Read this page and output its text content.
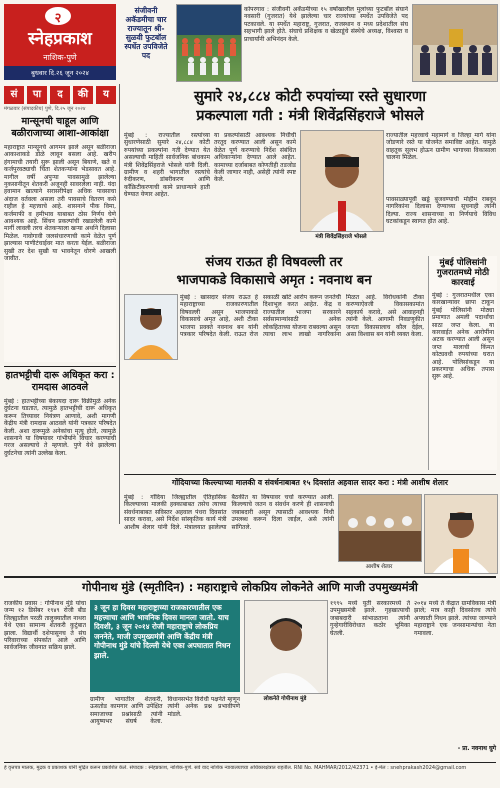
२
स्नेहप्रकाश
नाशिक-पुणे
बुधवार दि.२६ जून २०२४
संजीवनी अकॅडमीचा चार राज्यातून श्री-सुळवी फुटबॉल स्पर्धेत उपविजेते पद
कोपरगाव : संजीवनी अकॅडमीच्या १५ वर्षांखालील मुलांच्या फुटबॉल संघाने नवसारी (गुजरात) येथे झालेल्या चार राज्यांच्या स्पर्धेत उपविजेते पद पटकावले. या स्पर्धेत महाराष्ट्र, गुजरात, राजस्थान व मध्य प्रदेशातील संघ सहभागी झाले होते. संघाचे प्रशिक्षक व खेळाडूंचे संस्थेचे अध्यक्ष, विश्वस्त व प्राचार्यांनी अभिनंदन केले.
सं	पा	द	की	य
मंगळवार (संपादकीय) पुणे, दि.२५ जून २०२४
मान्सूनची चाहूल आणि बळीराजाच्या आशा-आकांक्षा
महाराष्ट्रात मान्सूनचे आगमन झाले असून बळीराजा आकाशाकडे डोळे लावून बसला आहे. खरीप हंगामाची तयारी सुरू झाली असून बियाणे, खते व कर्जपुरवठ्याची चिंता शेतकऱ्यांना भेडसावत आहे. मागील वर्षी अपुऱ्या पावसामुळे झालेल्या नुकसानीतून शेतकरी अजूनही सावरलेला नाही. यंदा हवामान खात्याने सरासरीपेक्षा अधिक पावसाचा अंदाज वर्तवला असला तरी पावसाचे वितरण कसे राहील हे महत्त्वाचे आहे. शासनाने पीक विमा, कर्जमाफी व हमीभाव याबाबत ठोस निर्णय घेणे आवश्यक आहे. सिंचन प्रकल्पांची रखडलेली कामे मार्गी लावली तरच शेतकऱ्याला खऱ्या अर्थाने दिलासा मिळेल. गावोगावी जलसंधारणाची कामे वेळेत पूर्ण झाल्यास पाणीटंचाईवर मात करता येईल. बळीराजा सुखी तर देश सुखी या भावनेतून धोरणे आखली जावीत.
हातभट्टीची दारू अधिकृत करा : रामदास आठवले
मुंबई : हातभट्टीच्या बेकायदा दारू विक्रीमुळे अनेक दुर्घटना घडतात, त्यामुळे हातभट्टीची दारू अधिकृत करून तिच्यावर नियंत्रण आणावे, अशी मागणी केंद्रीय मंत्री रामदास आठवले यांनी पत्रकार परिषदेत केली. अशा दारूमुळे अनेकांचा मृत्यू होतो, त्यामुळे शासनाने या विषयावर गांभीर्याने विचार करण्याची गरज असल्याचे ते म्हणाले. पुणे येथे झालेल्या दुर्घटनेचा त्यांनी उल्लेख केला.
सुमारे २४,८८४ कोटी रुपयांच्या रस्ते सुधारणा
प्रकल्पाला गती : मंत्री शिवेंद्रसिंहराजे भोसले
मुंबई : राज्यातील रस्त्यांच्या सुधारणेसाठी सुमारे २४,८८४ कोटी रुपयांच्या प्रकल्पांना गती देण्यात येत असल्याची माहिती सार्वजनिक बांधकाम मंत्री शिवेंद्रसिंहराजे भोसले यांनी दिली. ग्रामीण व शहरी भागातील रस्त्यांचे रुंदीकरण, डांबरीकरण आणि काँक्रिटीकरणाची कामे प्राधान्याने हाती घेण्यात येणार आहेत.
या प्रकल्पांसाठी आवश्यक निधीची तरतूद करण्यात आली असून कामे वेळेत पूर्ण करण्याचे निर्देश संबंधित अधिकाऱ्यांना देण्यात आले आहेत. कामाच्या दर्जाबाबत कोणतीही तडजोड केली जाणार नाही, असेही त्यांनी स्पष्ट केले.
मंत्री शिवेंद्रसिंहराजे भोसले
राज्यातील महत्त्वाचे महामार्ग व जिल्हा मार्ग यांना जोडणारे रस्ते या योजनेत समाविष्ट आहेत. यामुळे वाहतूक सुलभ होऊन ग्रामीण भागाच्या विकासाला चालना मिळेल.
पावसाळ्यापूर्वी खड्डे बुजवण्याची मोहीम राबवून नागरिकांना दिलासा देण्याच्या सूचनाही त्यांनी दिल्या. राज्य शासनाच्या या निर्णयाचे विविध घटकांकडून स्वागत होत आहे.
संजय राऊत ही विषवल्ली तर
भाजपाकडे विकासाचे अमृत : नवनाथ बन
मुंबई : खासदार संजय राऊत हे महाराष्ट्राच्या राजकारणातील विषवल्ली असून भाजपाकडे विकासाचे अमृत आहे, अशी टीका भाजपा प्रवक्ते नवनाथ बन यांनी पत्रकार परिषदेत केली. राऊत रोज सकाळी खोटे आरोप करून जनतेची दिशाभूल करत आहेत. केंद्र व राज्यातील भाजपा सरकारने सर्वसामान्यांसाठी अनेक लोकहिताच्या योजना राबवल्या असून त्याचा लाभ लाखो नागरिकांना मिळत आहे. विरोधकांनी टीका करण्याऐवजी विकासकामांत सहकार्य करावे, असे आवाहनही त्यांनी केले. आगामी निवडणुकीत जनता विकासालाच कौल देईल, असा विश्वास बन यांनी व्यक्त केला.
मुंबई पोलिसांनी
गुजरातमध्ये मोठी कारवाई
मुंबई : गुजरातमधील एका कारखान्यावर छापा टाकून मुंबई पोलिसांनी मोठ्या प्रमाणात अमली पदार्थांचा साठा जप्त केला. या कारवाईत अनेक आरोपींना अटक करण्यात आली असून जप्त मालाची किंमत कोट्यवधी रुपयांच्या घरात आहे. पोलिसांकडून या प्रकरणाचा अधिक तपास सुरू आहे.
गोंदियाच्या किल्ल्याच्या मालकी व संवर्धनाबाबत १५ दिवसांत अहवाल सादर करा : मंत्री आशीष शेलार
मुंबई : गोंदिया जिल्ह्यातील ऐतिहासिक किल्ल्याच्या मालकी हक्काबाबत तसेच त्याच्या संवर्धनाबाबत सविस्तर अहवाल पंधरा दिवसांत सादर करावा, असे निर्देश सांस्कृतिक कार्य मंत्री आशीष शेलार यांनी दिले. मंत्रालयात झालेल्या बैठकीत या विषयावर चर्चा करण्यात आली. किल्ल्याचे जतन व संवर्धन करणे ही शासनाची जबाबदारी असून त्यासाठी आवश्यक निधी उपलब्ध करून दिला जाईल, असे त्यांनी सांगितले.
आशीष शेलार
गोपीनाथ मुंडे (स्मृतीदिन) : महाराष्ट्राचे लोकप्रिय लोकनेते आणि माजी उपमुख्यमंत्री
राजकीय प्रवास : गोपीनाथ मुंडे यांचा जन्म १२ डिसेंबर १९४९ रोजी बीड जिल्ह्यातील परळी तालुक्यातील नाथरा येथे एका सामान्य शेतकरी कुटुंबात झाला. विद्यार्थी दशेपासूनच ते संघ परिवाराच्या संपर्कात आले आणि सार्वजनिक जीवनात सक्रिय झाले.
३ जून हा दिवस महाराष्ट्राच्या राजकारणातील एक महत्त्वाचा आणि भावनिक दिवस मानला जातो. याच दिवशी, ३ जून २०१४ रोजी महाराष्ट्राचे लोकप्रिय जननेते, माजी उपमुख्यमंत्री आणि केंद्रीय मंत्री गोपीनाथ मुंडे यांचे दिल्ली येथे एका अपघातात निधन झाले.
ग्रामीण भागातील शेतकरी, ऊसतोड कामगार आणि उपेक्षित समाजाच्या प्रश्नांसाठी त्यांनी आयुष्यभर संघर्ष केला. विधानसभेत विरोधी पक्षनेते म्हणून त्यांनी अनेक प्रश्न प्रभावीपणे मांडले.
लोकनेते गोपीनाथ मुंडे
१९९५ मध्ये युती सरकारमध्ये ते उपमुख्यमंत्री झाले. गृहखात्याची जबाबदारी सांभाळताना त्यांनी गुन्हेगारीविरोधात कठोर भूमिका घेतली.
२०१४ मध्ये ते केंद्रात ग्रामविकास मंत्री झाले; मात्र काही दिवसांतच त्यांचे अपघाती निधन झाले. त्यांच्या जाण्याने महाराष्ट्राने एक जनसामान्यांचा नेता गमावला.
- प्रा. नवनाथ घुगे
हे वृत्तपत्र मालक, मुद्रक व प्रकाशक यांनी मुद्रित करून प्रकाशित केले. संपादक : स्नेहप्रकाश, नाशिक-पुणे. सर्व वाद नाशिक न्यायालयाच्या अधिकारक्षेत्रात राहतील. RNI No. MAHMAR/2012/42371 • ई-मेल : snehprakash2024@gmail.com
